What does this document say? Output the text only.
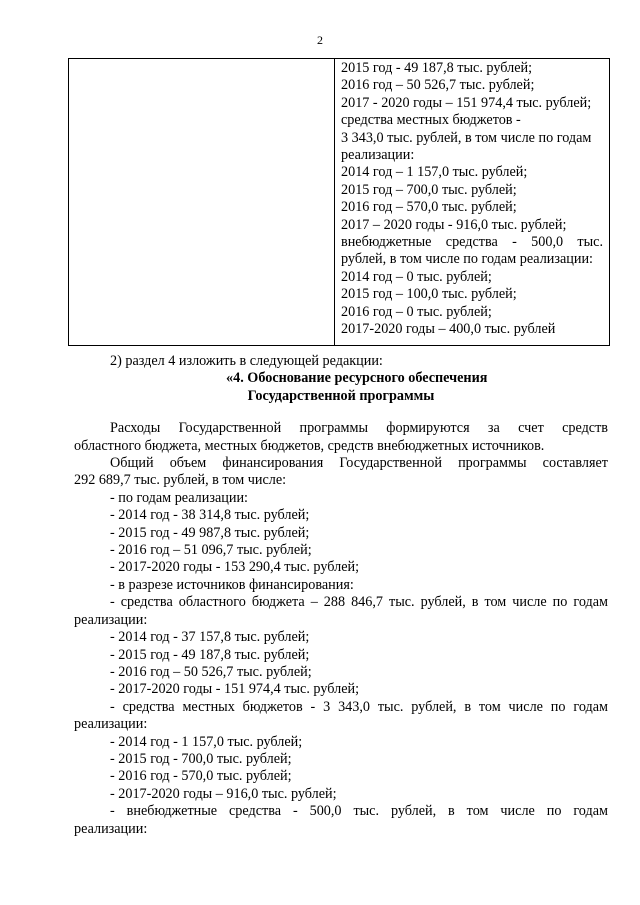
2

2015 год - 49 187,8 тыс. рублей;
2016 год – 50 526,7 тыс. рублей;
2017 - 2020 годы – 151 974,4 тыс. рублей;
средства местных бюджетов -
3 343,0 тыс. рублей, в том числе по годам
реализации:
2014 год – 1 157,0 тыс. рублей;
2015 год – 700,0 тыс. рублей;
2016 год – 570,0 тыс. рублей;
2017 – 2020 годы - 916,0 тыс. рублей;
внебюджетные средства - 500,0 тыс.
рублей, в том числе по годам реализации:
2014 год – 0 тыс. рублей;
2015 год – 100,0 тыс. рублей;
2016 год – 0 тыс. рублей;
2017-2020 годы – 400,0 тыс. рублей
2) раздел 4 изложить в следующей редакции:
«4. Обоснование ресурсного обеспечения
Государственной программы
Расходы Государственной программы формируются за счет средств
областного бюджета, местных бюджетов, средств внебюджетных источников.
Общий объем финансирования Государственной программы составляет
292 689,7 тыс. рублей, в том числе:
- по годам реализации:
- 2014 год - 38 314,8 тыс. рублей;
- 2015 год - 49 987,8 тыс. рублей;
- 2016 год – 51 096,7 тыс. рублей;
- 2017-2020 годы - 153 290,4 тыс. рублей;
- в разрезе источников финансирования:
- средства областного бюджета – 288 846,7 тыс. рублей, в том числе по годам
реализации:
- 2014 год - 37 157,8 тыс. рублей;
- 2015 год - 49 187,8 тыс. рублей;
- 2016 год – 50 526,7 тыс. рублей;
- 2017-2020 годы - 151 974,4 тыс. рублей;
- средства местных бюджетов - 3 343,0 тыс. рублей, в том числе по годам
реализации:
- 2014 год - 1 157,0 тыс. рублей;
- 2015 год - 700,0 тыс. рублей;
- 2016 год - 570,0 тыс. рублей;
- 2017-2020 годы – 916,0 тыс. рублей;
- внебюджетные средства - 500,0 тыс. рублей, в том числе по годам
реализации:
